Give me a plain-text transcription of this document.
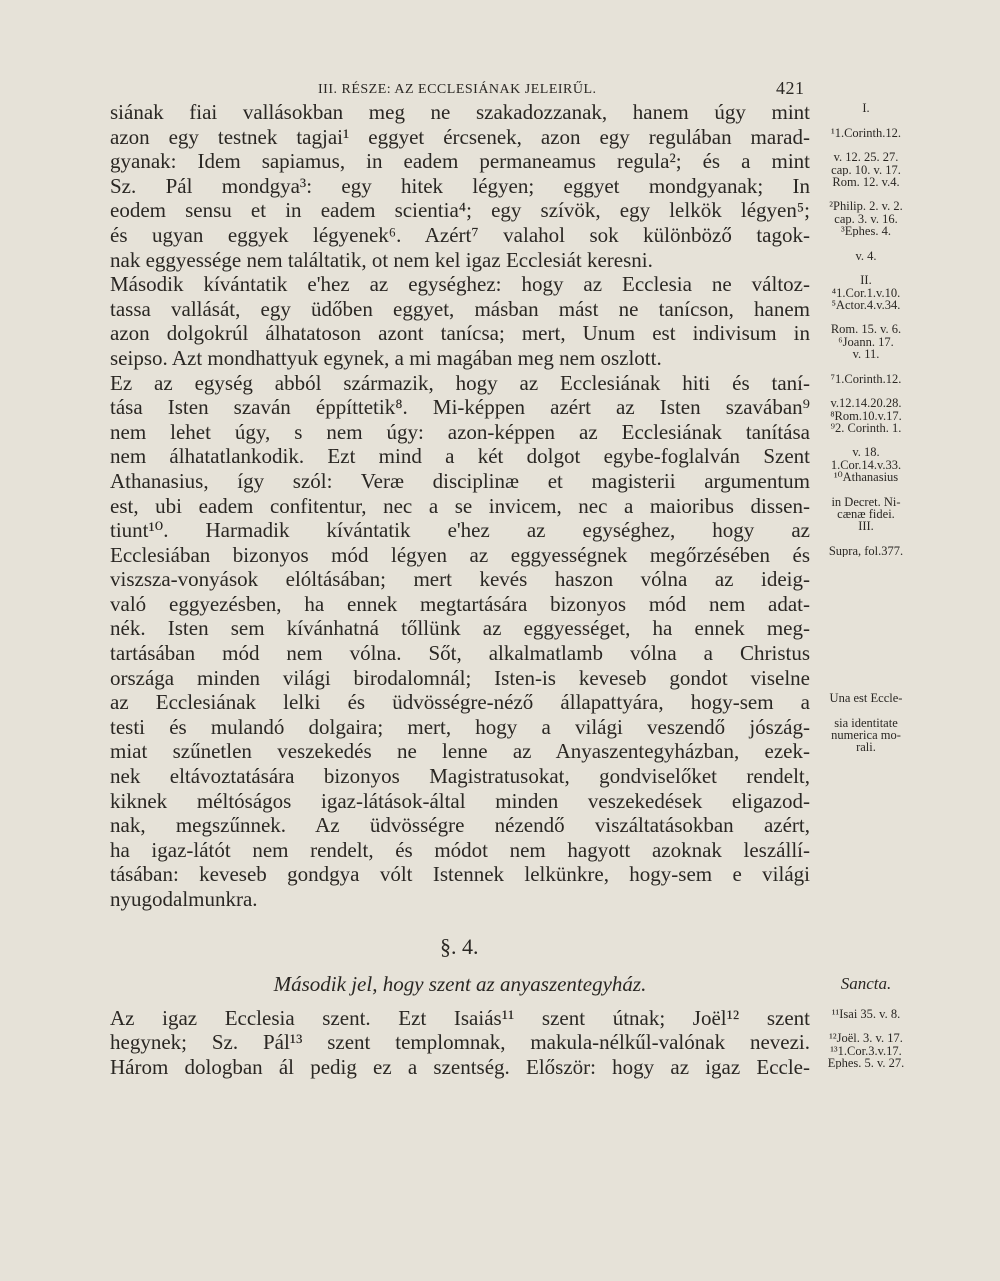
III. RÉSZE: AZ ECCLESIÁNAK JELEIRŰL.	421
siának fiai vallásokban meg ne szakadozzanak, hanem úgy mint	I.
azon egy testnek tagjai¹ eggyet ércsenek, azon egy regulában marad-	¹1.Corinth.12.
gyanak: Idem sapiamus, in eadem permaneamus regula²; és a mint	v. 12. 25. 27.
cap. 10. v. 17.
Sz. Pál mondgya³: egy hitek légyen; eggyet mondgyanak; In	Rom. 12. v.4.
eodem sensu et in eadem scientia⁴; egy szívök, egy lelkök légyen⁵;	²Philip. 2. v. 2.
cap. 3. v. 16.
és ugyan eggyek légyenek⁶. Azért⁷ valahol sok különböző tagok-	³Ephes. 4.
nak eggyessége nem találtatik, ot nem kel igaz Ecclesiát keresni.	v. 4.
Második kívántatik e'hez az egységhez: hogy az Ecclesia ne változ-	II.
⁴1.Cor.1.v.10.
tassa vallását, egy üdőben eggyet, másban mást ne tanícson, hanem	⁵Actor.4.v.34.
azon dolgokrúl álhatatoson azont tanícsa; mert, Unum est indivisum in	Rom. 15. v. 6.
⁶Joann. 17.
seipso. Azt mondhattyuk egynek, a mi magában meg nem oszlott.	v. 11.
Ez az egység abból származik, hogy az Ecclesiának hiti és taní-	⁷1.Corinth.12.
tása Isten szaván éppíttetik⁸. Mi-képpen azért az Isten szavában⁹	v.12.14.20.28.
⁸Rom.10.v.17.
nem lehet úgy, s nem úgy: azon-képpen az Ecclesiának tanítása	⁹2. Corinth. 1.
nem álhatatlankodik. Ezt mind a két dolgot egybe-foglalván Szent	v. 18.
1.Cor.14.v.33.
Athanasius, így szól: Veræ disciplinæ et magisterii argumentum	¹⁰Athanasius
est, ubi eadem confitentur, nec a se invicem, nec a maioribus dissen-	in Decret. Ni-
cænæ fidei.
tiunt¹⁰. Harmadik kívántatik e'hez az egységhez, hogy az	III.
Ecclesiában bizonyos mód légyen az eggyességnek megőrzésében és	Supra, fol.377.
viszsza-vonyások elóltásában; mert kevés haszon vólna az ideig-
való eggyezésben, ha ennek megtartására bizonyos mód nem adat-
nék. Isten sem kívánhatná tőllünk az eggyességet, ha ennek meg-
tartásában mód nem vólna. Sőt, alkalmatlamb vólna a Christus
országa minden világi birodalomnál; Isten-is keveseb gondot viselne
az Ecclesiának lelki és üdvösségre-néző állapattyára, hogy-sem a	Una est Eccle-
testi és mulandó dolgaira; mert, hogy a világi veszendő jószág-	sia identitate
numerica mo-
miat szűnetlen veszekedés ne lenne az Anyaszentegyházban, ezek-	rali.
nek eltávoztatására bizonyos Magistratusokat, gondviselőket rendelt,
kiknek méltóságos igaz-látások-által minden veszekedések eligazod-
nak, megszűnnek. Az üdvösségre nézendő viszáltatásokban azért,
ha igaz-látót nem rendelt, és módot nem hagyott azoknak leszállí-
tásában: keveseb gondgya vólt Istennek lelkünkre, hogy-sem e világi
nyugodalmunkra.
§. 4.
Második jel, hogy szent az anyaszentegyház.	Sancta.
Az igaz Ecclesia szent. Ezt Isaiás¹¹ szent útnak; Joël¹² szent	¹¹Isai 35. v. 8.
hegynek; Sz. Pál¹³ szent templomnak, makula-nélkűl-valónak nevezi.	¹²Joël. 3. v. 17.
¹³1.Cor.3.v.17.
Három dologban ál pedig ez a szentség. Először: hogy az igaz Eccle-	Ephes. 5. v. 27.
